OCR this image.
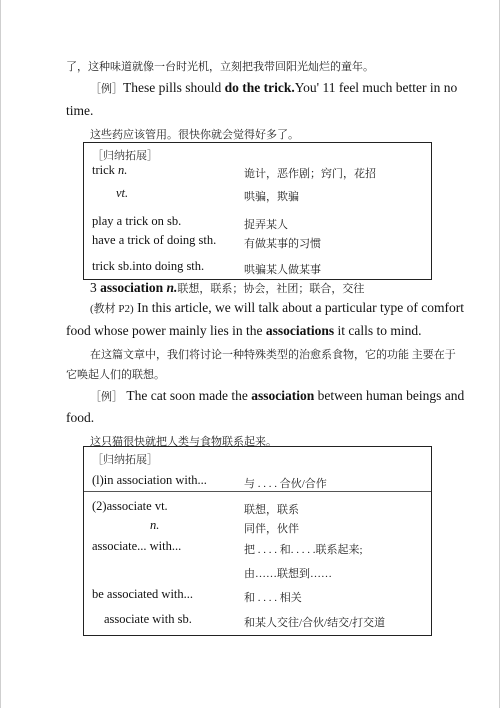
了，这种味道就像一台时光机，立刻把我带回阳光灿烂的童年。
［例］These pills should do the trick.You' 11 feel much better in no
time.
这些药应该管用。很快你就会觉得好多了。
［归纳拓展］
trick n.	诡计，恶作剧；窍门，花招
vt.	哄骗，欺骗
play a trick on sb.	捉弄某人
have a trick of doing sth.	有做某事的习惯
trick sb.into doing sth.	哄骗某人做某事
3 association n.联想，联系；协会，社团；联合，交往
(教材 P2) In this article, we will talk about a particular type of comfort
food whose power mainly lies in the associations it calls to mind.
在这篇文章中，我们将讨论一种特殊类型的治愈系食物，它的功能 主要在于
它唤起人们的联想。
［例］ The cat soon made the association between human beings and
food.
这只猫很快就把人类与食物联系起来。
［归纳拓展］
(l)in association with...	与 . . . . 合伙/合作
(2)associate vt.	联想，联系
n.	同伴，伙伴
associate... with...	把 . . . . 和. . . . .联系起来;
由……联想到……
be associated with...	和 . . . . 相关
associate with sb.	和某人交往/合伙/结交/打交道
